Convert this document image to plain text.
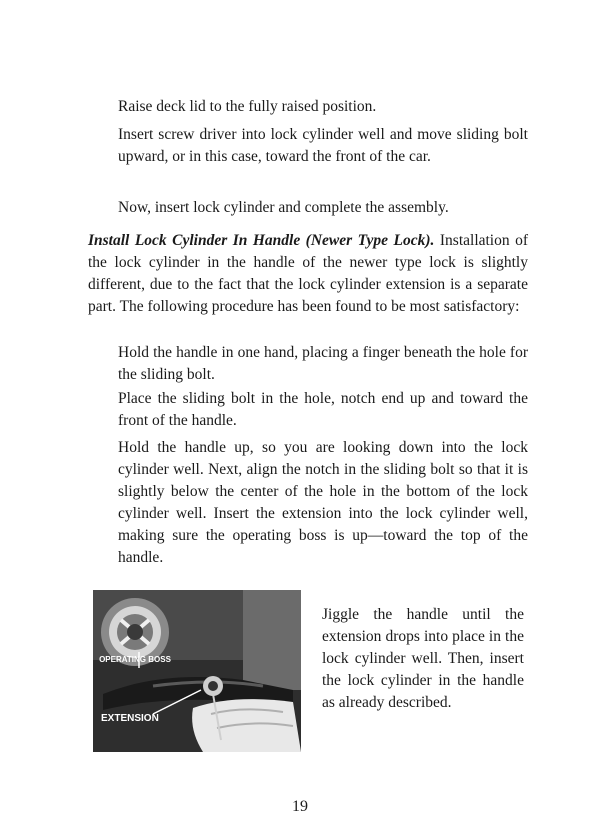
Raise deck lid to the fully raised position.

Insert screw driver into lock cylinder well and move sliding bolt upward, or in this case, toward the front of the car.

Now, insert lock cylinder and complete the assembly.

Install Lock Cylinder In Handle (Newer Type Lock). Installation of the lock cylinder in the handle of the newer type lock is slightly different, due to the fact that the lock cylinder extension is a separate part. The following procedure has been found to be most satisfactory:

Hold the handle in one hand, placing a finger beneath the hole for the sliding bolt.

Place the sliding bolt in the hole, notch end up and toward the front of the handle.

Hold the handle up, so you are looking down into the lock cylinder well. Next, align the notch in the sliding bolt so that it is slightly below the center of the hole in the bottom of the lock cylinder well. Insert the extension into the lock cylinder well, making sure the operating boss is up—toward the top of the handle.

OPERATING BOSS
EXTENSION

Jiggle the handle until the extension drops into place in the lock cylinder well. Then, insert the lock cylinder in the handle as already described.

19
